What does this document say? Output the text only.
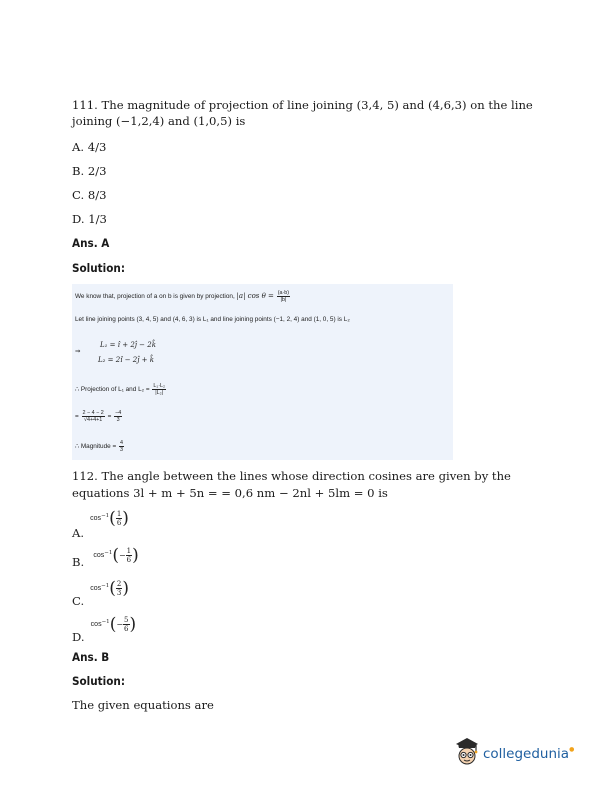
111. The magnitude of projection of line joining (3,4, 5) and (4,6,3) on the line
joining (−1,2,4) and (1,0,5) is
A. 4/3
B. 2/3
C. 8/3
D. 1/3
Ans. A
Solution:
We know that, projection of a on b is given by projection, |a| $\cos \theta = \frac{(a\cdot b)}{|b|}$
Let line joining points (3, 4, 5) and (4, 6, 3) is L₁ and line joining points (−1, 2, 4) and (1, 0, 5) is L₂
⇒
L₁ = î + 2ĵ − 2k̂
L₂ = 2î − 2ĵ + k̂
∴ Projection of L₁ and $L_2 = \frac{\text{L₁·L₂}}{\text{|L₂|}}$
= $\frac{2 - 4 - 2}{√4+4+1} = \frac{-4}{3}$
∴ Magnitude = $\frac{4}{3}$
112. The angle between the lines whose direction cosines are given by the
equations 3l + m + 5n = = 0,6 nm − 2nl + 5lm = 0 is
$_{A.}$ $\cos^{-1}( \frac{1}{6}$ )
$_{B.}$ $\cos^{-1}(- \frac{1}{6}$ )
$_{C.}$ $\cos^{-1}( \frac{2}{3}$ )
$_{D.}$ $\cos^{-1}(- \frac{5}{6}$ )
Ans. B
Solution:
The given equations are
collegedunia●
